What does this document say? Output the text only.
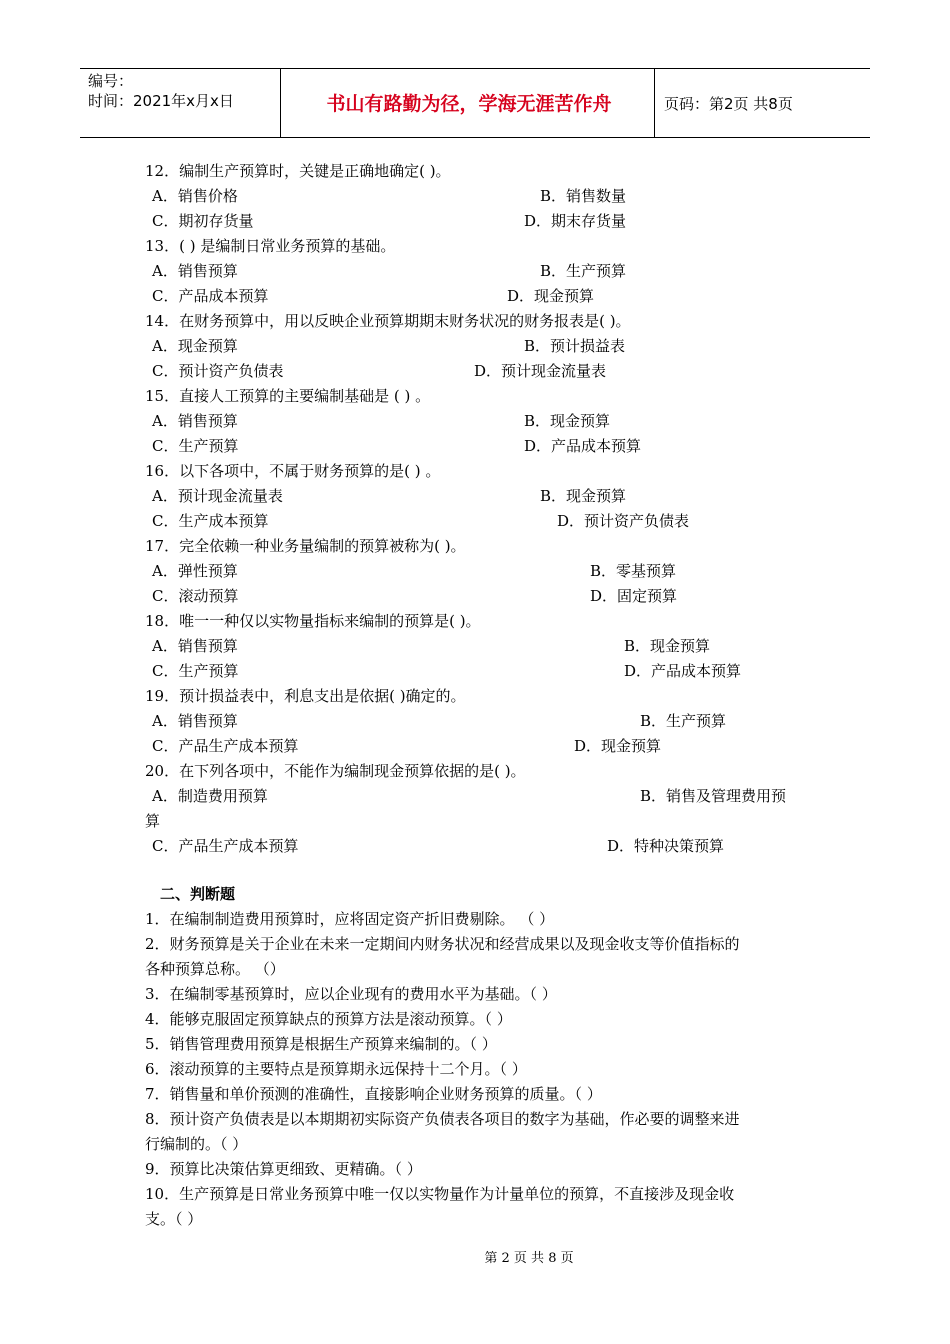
编号：
时间：2021年x月x日	书山有路勤为径，学海无涯苦作舟	页码：第2页 共8页
12．编制生产预算时，关键是正确地确定( )。
A．销售价格	B．销售数量
C．期初存货量	D．期末存货量
13．( ) 是编制日常业务预算的基础。
A．销售预算	B．生产预算
C．产品成本预算	D．现金预算
14．在财务预算中，用以反映企业预算期期末财务状况的财务报表是( )。
A．现金预算	B．预计损益表
C．预计资产负债表	D．预计现金流量表
15．直接人工预算的主要编制基础是 ( ) 。
A．销售预算	B．现金预算
C．生产预算	D．产品成本预算
16．以下各项中，不属于财务预算的是( ) 。
A．预计现金流量表	B．现金预算
C．生产成本预算	D．预计资产负债表
17．完全依赖一种业务量编制的预算被称为( )。
A．弹性预算	B．零基预算
C．滚动预算	D．固定预算
18．唯一一种仅以实物量指标来编制的预算是( )。
A．销售预算	B．现金预算
C．生产预算	D．产品成本预算
19．预计损益表中，利息支出是依据( )确定的。
A．销售预算	B．生产预算
C．产品生产成本预算	D．现金预算
20．在下列各项中，不能作为编制现金预算依据的是( )。
A．制造费用预算	B．销售及管理费用预
算
C．产品生产成本预算	D．特种决策预算
二、判断题
1．在编制制造费用预算时，应将固定资产折旧费剔除。 （ ）
2．财务预算是关于企业在未来一定期间内财务状况和经营成果以及现金收支等价值指标的
各种预算总称。 （）
3．在编制零基预算时，应以企业现有的费用水平为基础。（ ）
4．能够克服固定预算缺点的预算方法是滚动预算。（ ）
5．销售管理费用预算是根据生产预算来编制的。（ ）
6．滚动预算的主要特点是预算期永远保持十二个月。（ ）
7．销售量和单价预测的准确性，直接影响企业财务预算的质量。（ ）
8．预计资产负债表是以本期期初实际资产负债表各项目的数字为基础，作必要的调整来进
行编制的。（ ）
9．预算比决策估算更细致、更精确。（ ）
10．生产预算是日常业务预算中唯一仅以实物量作为计量单位的预算，不直接涉及现金收
支。（ ）
第 2 页 共 8 页
